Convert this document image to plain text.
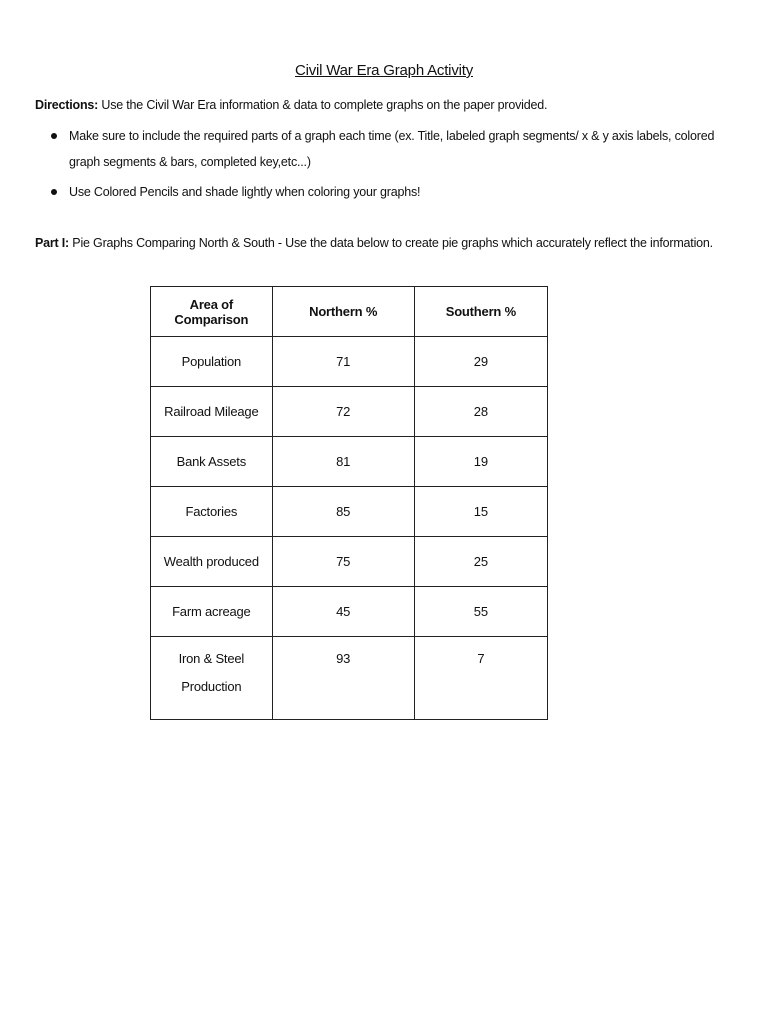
Civil War Era Graph Activity
Directions: Use the Civil War Era information & data to complete graphs on the paper provided.
Make sure to include the required parts of a graph each time (ex. Title, labeled graph segments/ x & y axis labels, colored graph segments & bars, completed key,etc...)
Use Colored Pencils and shade lightly when coloring your graphs!
Part I: Pie Graphs Comparing North & South - Use the data below to create pie graphs which accurately reflect the information.
Area of Comparison	Northern %	Southern %
Population	71	29
Railroad Mileage	72	28
Bank Assets	81	19
Factories	85	15
Wealth produced	75	25
Farm acreage	45	55
Iron & Steel Production	93	7
